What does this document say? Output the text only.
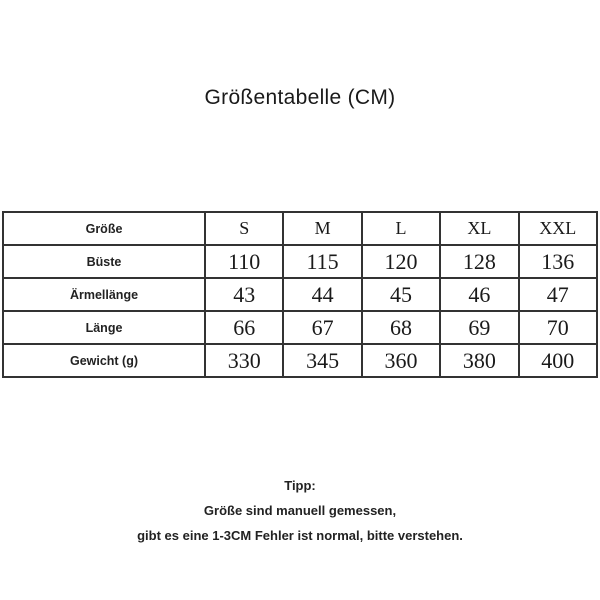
Größentabelle (CM)
Größe	S	M	L	XL	XXL
Büste	110	115	120	128	136
Ärmellänge	43	44	45	46	47
Länge	66	67	68	69	70
Gewicht (g)	330	345	360	380	400
Tipp:
Größe sind manuell gemessen,
gibt es eine 1-3CM Fehler ist normal, bitte verstehen.
